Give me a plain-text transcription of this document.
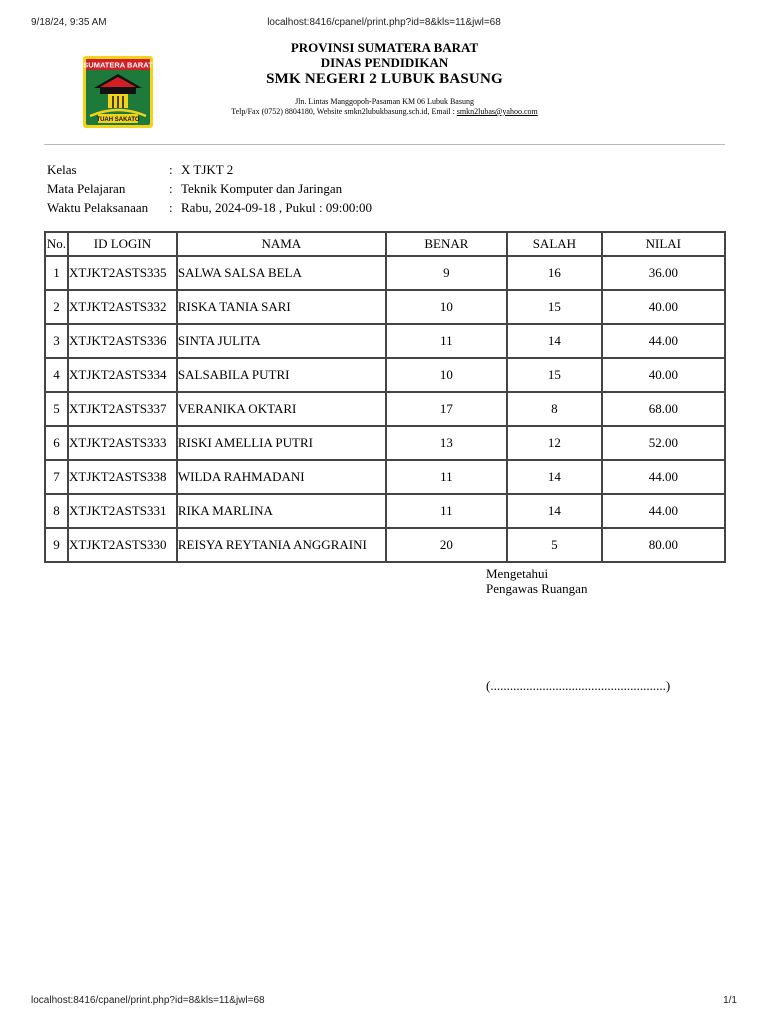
9/18/24, 9:35 AM	localhost:8416/cpanel/print.php?id=8&kls=11&jwl=68
SUMATERA BARAT
TUAH SAKATO
PROVINSI SUMATERA BARAT
DINAS PENDIDIKAN
SMK NEGERI 2 LUBUK BASUNG
Jln. Lintas Manggopoh-Pasaman KM 06 Lubuk Basung
Telp/Fax (0752) 8804180, Website smkn2lubukbasung.sch.id, Email : smkn2lubas@yahoo.com
Kelas	: X TJKT 2
Mata Pelajaran	: Teknik Komputer dan Jaringan
Waktu Pelaksanaan	: Rabu, 2024-09-18 , Pukul : 09:00:00
No.	ID LOGIN	NAMA	BENAR	SALAH	NILAI
1	XTJKT2ASTS335	SALWA SALSA BELA	9	16	36.00
2	XTJKT2ASTS332	RISKA TANIA SARI	10	15	40.00
3	XTJKT2ASTS336	SINTA JULITA	11	14	44.00
4	XTJKT2ASTS334	SALSABILA PUTRI	10	15	40.00
5	XTJKT2ASTS337	VERANIKA OKTARI	17	8	68.00
6	XTJKT2ASTS333	RISKI AMELLIA PUTRI	13	12	52.00
7	XTJKT2ASTS338	WILDA RAHMADANI	11	14	44.00
8	XTJKT2ASTS331	RIKA MARLINA	11	14	44.00
9	XTJKT2ASTS330	REISYA REYTANIA ANGGRAINI	20	5	80.00
Mengetahui
Pengawas Ruangan
(......................................................)
localhost:8416/cpanel/print.php?id=8&kls=11&jwl=68	1/1
